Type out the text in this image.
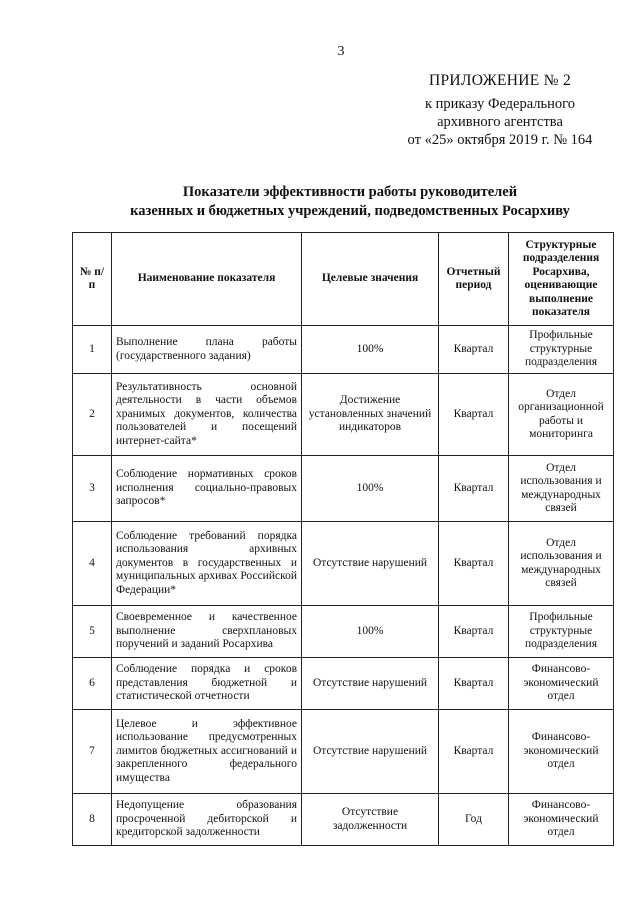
3
ПРИЛОЖЕНИЕ № 2
к приказу Федерального
архивного агентства
от «25» октября 2019 г. № 164
Показатели эффективности работы руководителей
казенных и бюджетных учреждений, подведомственных Росархиву
№ п/п	Наименование показателя	Целевые значения	Отчетный период	Структурные подразделения Росархива, оценивающие выполнение показателя
1	Выполнение плана работы (государственного задания)	100%	Квартал	Профильные структурные подразделения
2	Результативность основной деятельности в части объемов хранимых документов, количества пользователей и посещений интернет-сайта*	Достижение установленных значений индикаторов	Квартал	Отдел организационной работы и мониторинга
3	Соблюдение нормативных сроков исполнения социально-правовых запросов*	100%	Квартал	Отдел использования и международных связей
4	Соблюдение требований порядка использования архивных документов в государственных и муниципальных архивах Российской Федерации*	Отсутствие нарушений	Квартал	Отдел использования и международных связей
5	Своевременное и качественное выполнение сверхплановых поручений и заданий Росархива	100%	Квартал	Профильные структурные подразделения
6	Соблюдение порядка и сроков представления бюджетной и статистической отчетности	Отсутствие нарушений	Квартал	Финансово-экономический отдел
7	Целевое и эффективное использование предусмотренных лимитов бюджетных ассигнований и закрепленного федерального имущества	Отсутствие нарушений	Квартал	Финансово-экономический отдел
8	Недопущение образования просроченной дебиторской и кредиторской задолженности	Отсутствие задолженности	Год	Финансово-экономический отдел
